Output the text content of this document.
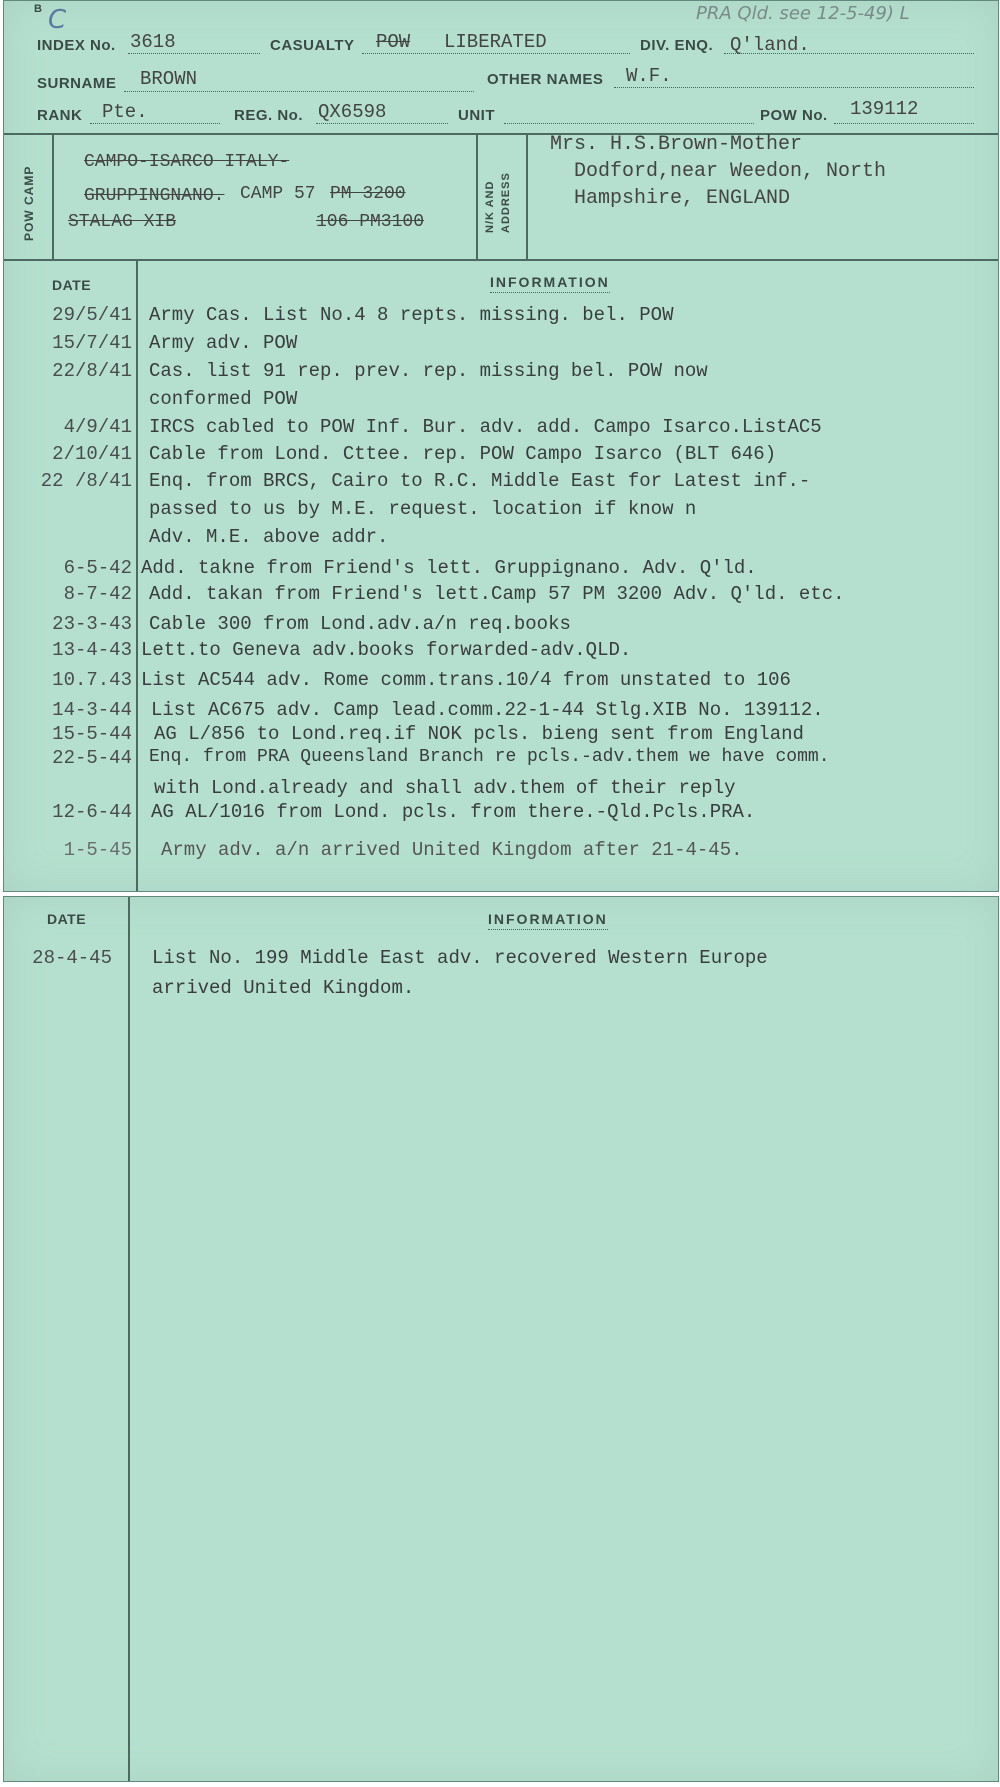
B C	PRA Qld. see 12-5-49) L
INDEX No. 3618	CASUALTY POW LIBERATED	DIV. ENQ. Q'land.
SURNAME BROWN	OTHER NAMES W.F.
RANK Pte.	REG. No. QX6598	UNIT	POW No. 139112
POW CAMP	N/K AND ADDRESS
CAMPO-ISARCO ITALY-
GRUPPINGNANO. CAMP 57 PM 3200
STALAG XIB	106 PM3100
Mrs. H.S.Brown-Mother
Dodford,near Weedon, North
Hampshire, ENGLAND
DATE	INFORMATION
29/5/41 Army Cas. List No.4 8 repts. missing. bel. POW
15/7/41 Army adv. POW
22/8/41 Cas. list 91 rep. prev. rep. missing bel. POW now
conformed POW
4/9/41 IRCS cabled to POW Inf. Bur. adv. add. Campo Isarco.ListAC5
2/10/41 Cable from Lond. Cttee. rep. POW Campo Isarco (BLT 646)
22 /8/41 Enq. from BRCS, Cairo to R.C. Middle East for Latest inf.-
passed to us by M.E. request. location if know n
Adv. M.E. above addr.
6-5-42 Add. takne from Friend's lett. Gruppignano. Adv. Q'ld.
8-7-42 Add. takan from Friend's lett.Camp 57 PM 3200 Adv. Q'ld. etc.
23-3-43 Cable 300 from Lond.adv.a/n req.books
13-4-43 Lett.to Geneva adv.books forwarded-adv.QLD.
10.7.43 List AC544 adv. Rome comm.trans.10/4 from unstated to 106
14-3-44 List AC675 adv. Camp lead.comm.22-1-44 Stlg.XIB No. 139112.
15-5-44 AG L/856 to Lond.req.if NOK pcls. bieng sent from England
22-5-44 Enq. from PRA Queensland Branch re pcls.-adv.them we have comm.
with Lond.already and shall adv.them of their reply
12-6-44 AG AL/1016 from Lond. pcls. from there.-Qld.Pcls.PRA.
1-5-45 Army adv. a/n arrived United Kingdom after 21-4-45.
DATE	INFORMATION
28-4-45 List No. 199 Middle East adv. recovered Western Europe
arrived United Kingdom.
